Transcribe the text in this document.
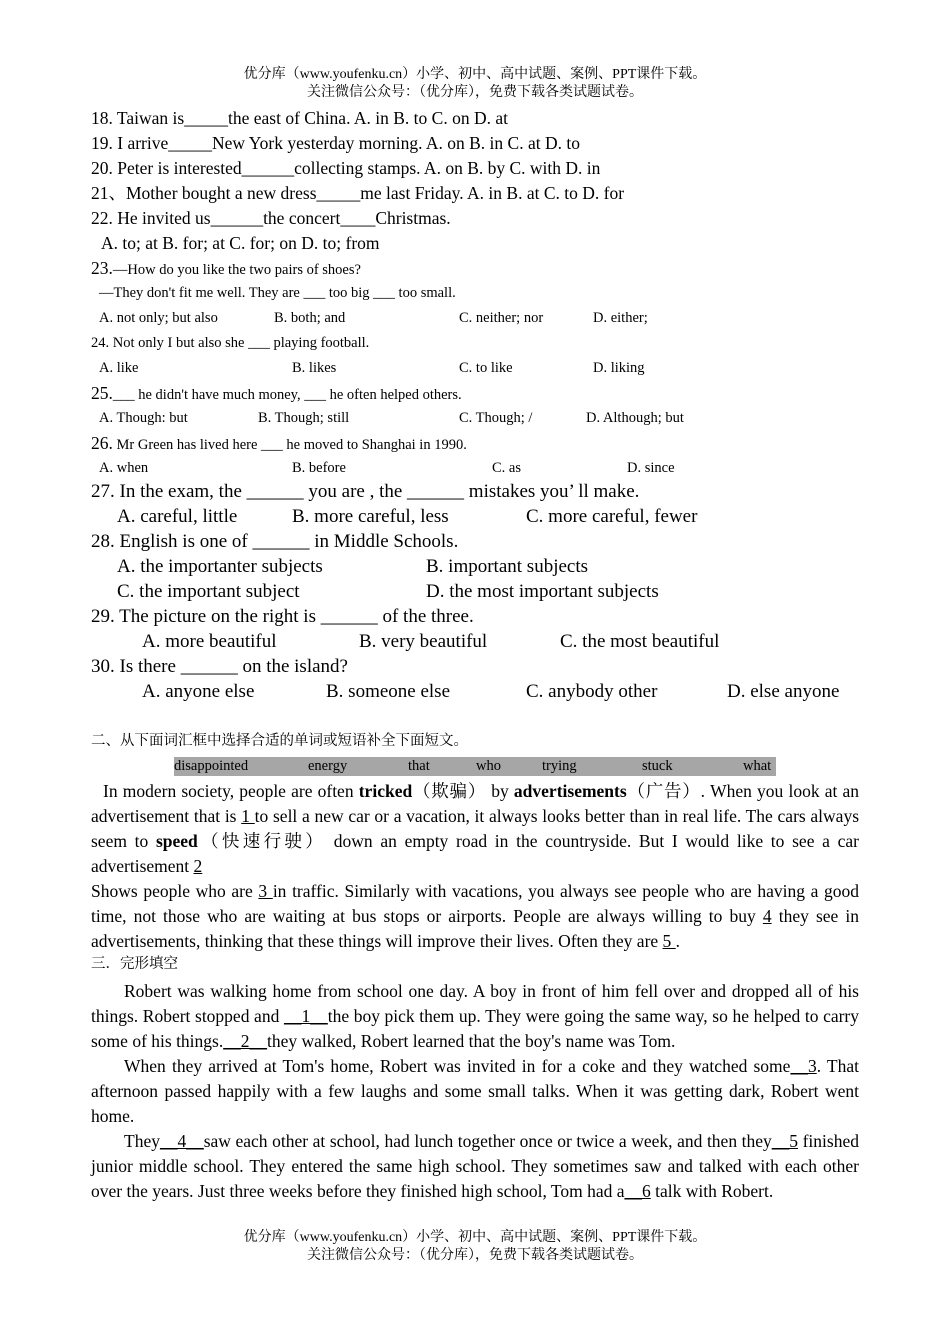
优分库（www.youfenku.cn）小学、初中、高中试题、案例、PPT课件下载。
关注微信公众号：（优分库），免费下载各类试题试卷。
18. Taiwan is_____the east of China. A. in B. to C. on D. at
19. I arrive_____New York yesterday morning. A. on B. in C. at D. to
20. Peter is interested______collecting stamps. A. on B. by C. with D. in
21、Mother bought a new dress_____me last Friday. A. in B. at C. to D. for
22. He invited us______the concert____Christmas.
A. to; at B. for; at C. for; on D. to; from
23.—How do you like the two pairs of shoes?
—They don't fit me well. They are ___ too big ___ too small.
A. not only; but also	B. both; and	C. neither; nor	D. either;
24. Not only I but also she ___ playing football.
A. like	B. likes	C. to like	D. liking
25.___ he didn't have much money, ___ he often helped others.
A. Though: but	B. Though; still	C. Though; /	D. Although; but
26. Mr Green has lived here ___ he moved to Shanghai in 1990.
A. when	B. before	C. as	D. since
27. In the exam, the ______ you are , the ______ mistakes you’ ll make.
A. careful, little	B. more careful, less	C. more careful, fewer
28. English is one of ______ in Middle Schools.
A. the importanter subjects	B. important subjects
C. the important subject	D. the most important subjects
29. The picture on the right is ______ of the three.
A. more beautiful	B. very beautiful	C. the most beautiful
30. Is there ______ on the island?
A. anyone else	B. someone else	C. anybody other	D. else anyone
二、从下面词汇框中选择合适的单词或短语补全下面短文。
disappointed	energy	that	who	trying	stuck	what

In modern society, people are often tricked（欺骗） by advertisements（广告）. When you look at an advertisement that is 1 to sell a new car or a vacation, it always looks better than in real life. The cars always seem to speed（快速行驶） down an empty road in the countryside. But I would like to see a car advertisement 2

Shows people who are 3 in traffic. Similarly with vacations, you always see people who are having a good time, not those who are waiting at bus stops or airports. People are always willing to buy 4 they see in advertisements, thinking that these things will improve their lives. Often they are 5 .

三．完形填空

Robert was walking home from school one day. A boy in front of him fell over and dropped all of his things. Robert stopped and __1__the boy pick them up. They were going the same way, so he helped to carry some of his things.__2__they walked, Robert learned that the boy's name was Tom.

When they arrived at Tom's home, Robert was invited in for a coke and they watched some__3. That afternoon passed happily with a few laughs and some small talks. When it was getting dark, Robert went home.

They__4__saw each other at school, had lunch together once or twice a week, and then they__5 finished junior middle school. They entered the same high school. They sometimes saw and talked with each other over the years. Just three weeks before they finished high school, Tom had a__6 talk with Robert.

优分库（www.youfenku.cn）小学、初中、高中试题、案例、PPT课件下载。
关注微信公众号：（优分库），免费下载各类试题试卷。
